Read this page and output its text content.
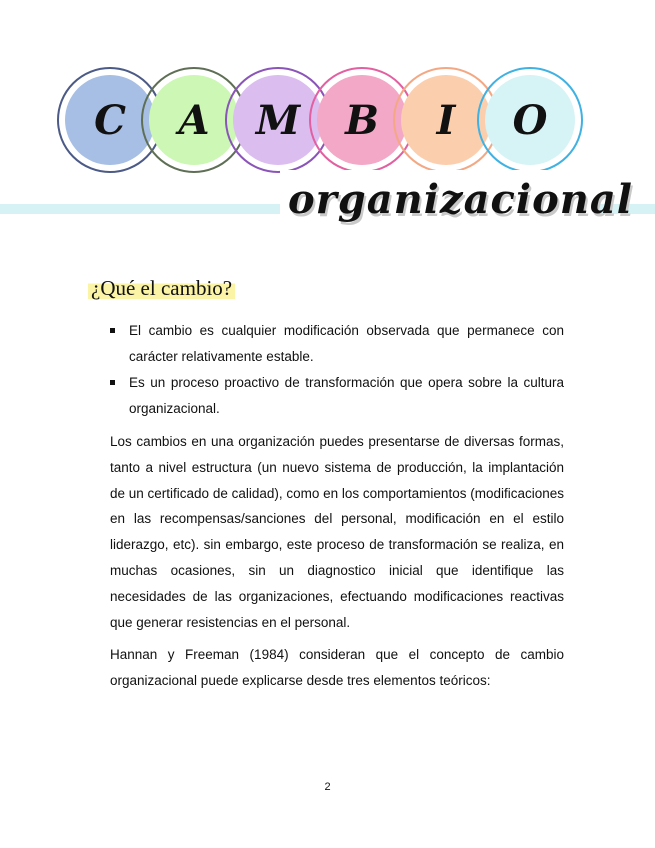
C	A	M	B	I	O
organizacional
¿Qué el cambio?
El cambio es cualquier modificación observada que permanece con carácter relativamente estable.
Es un proceso proactivo de transformación que opera sobre la cultura organizacional.

Los cambios en una organización puedes presentarse de diversas formas, tanto a nivel estructura (un nuevo sistema de producción, la implantación de un certificado de calidad), como en los comportamientos (modificaciones en las recompensas/sanciones del personal, modificación en el estilo liderazgo, etc). sin embargo, este proceso de transformación se realiza, en muchas ocasiones, sin un diagnostico inicial que identifique las necesidades de las organizaciones, efectuando modificaciones reactivas que generar resistencias en el personal.

Hannan y Freeman (1984) consideran que el concepto de cambio organizacional puede explicarse desde tres elementos teóricos:

2
